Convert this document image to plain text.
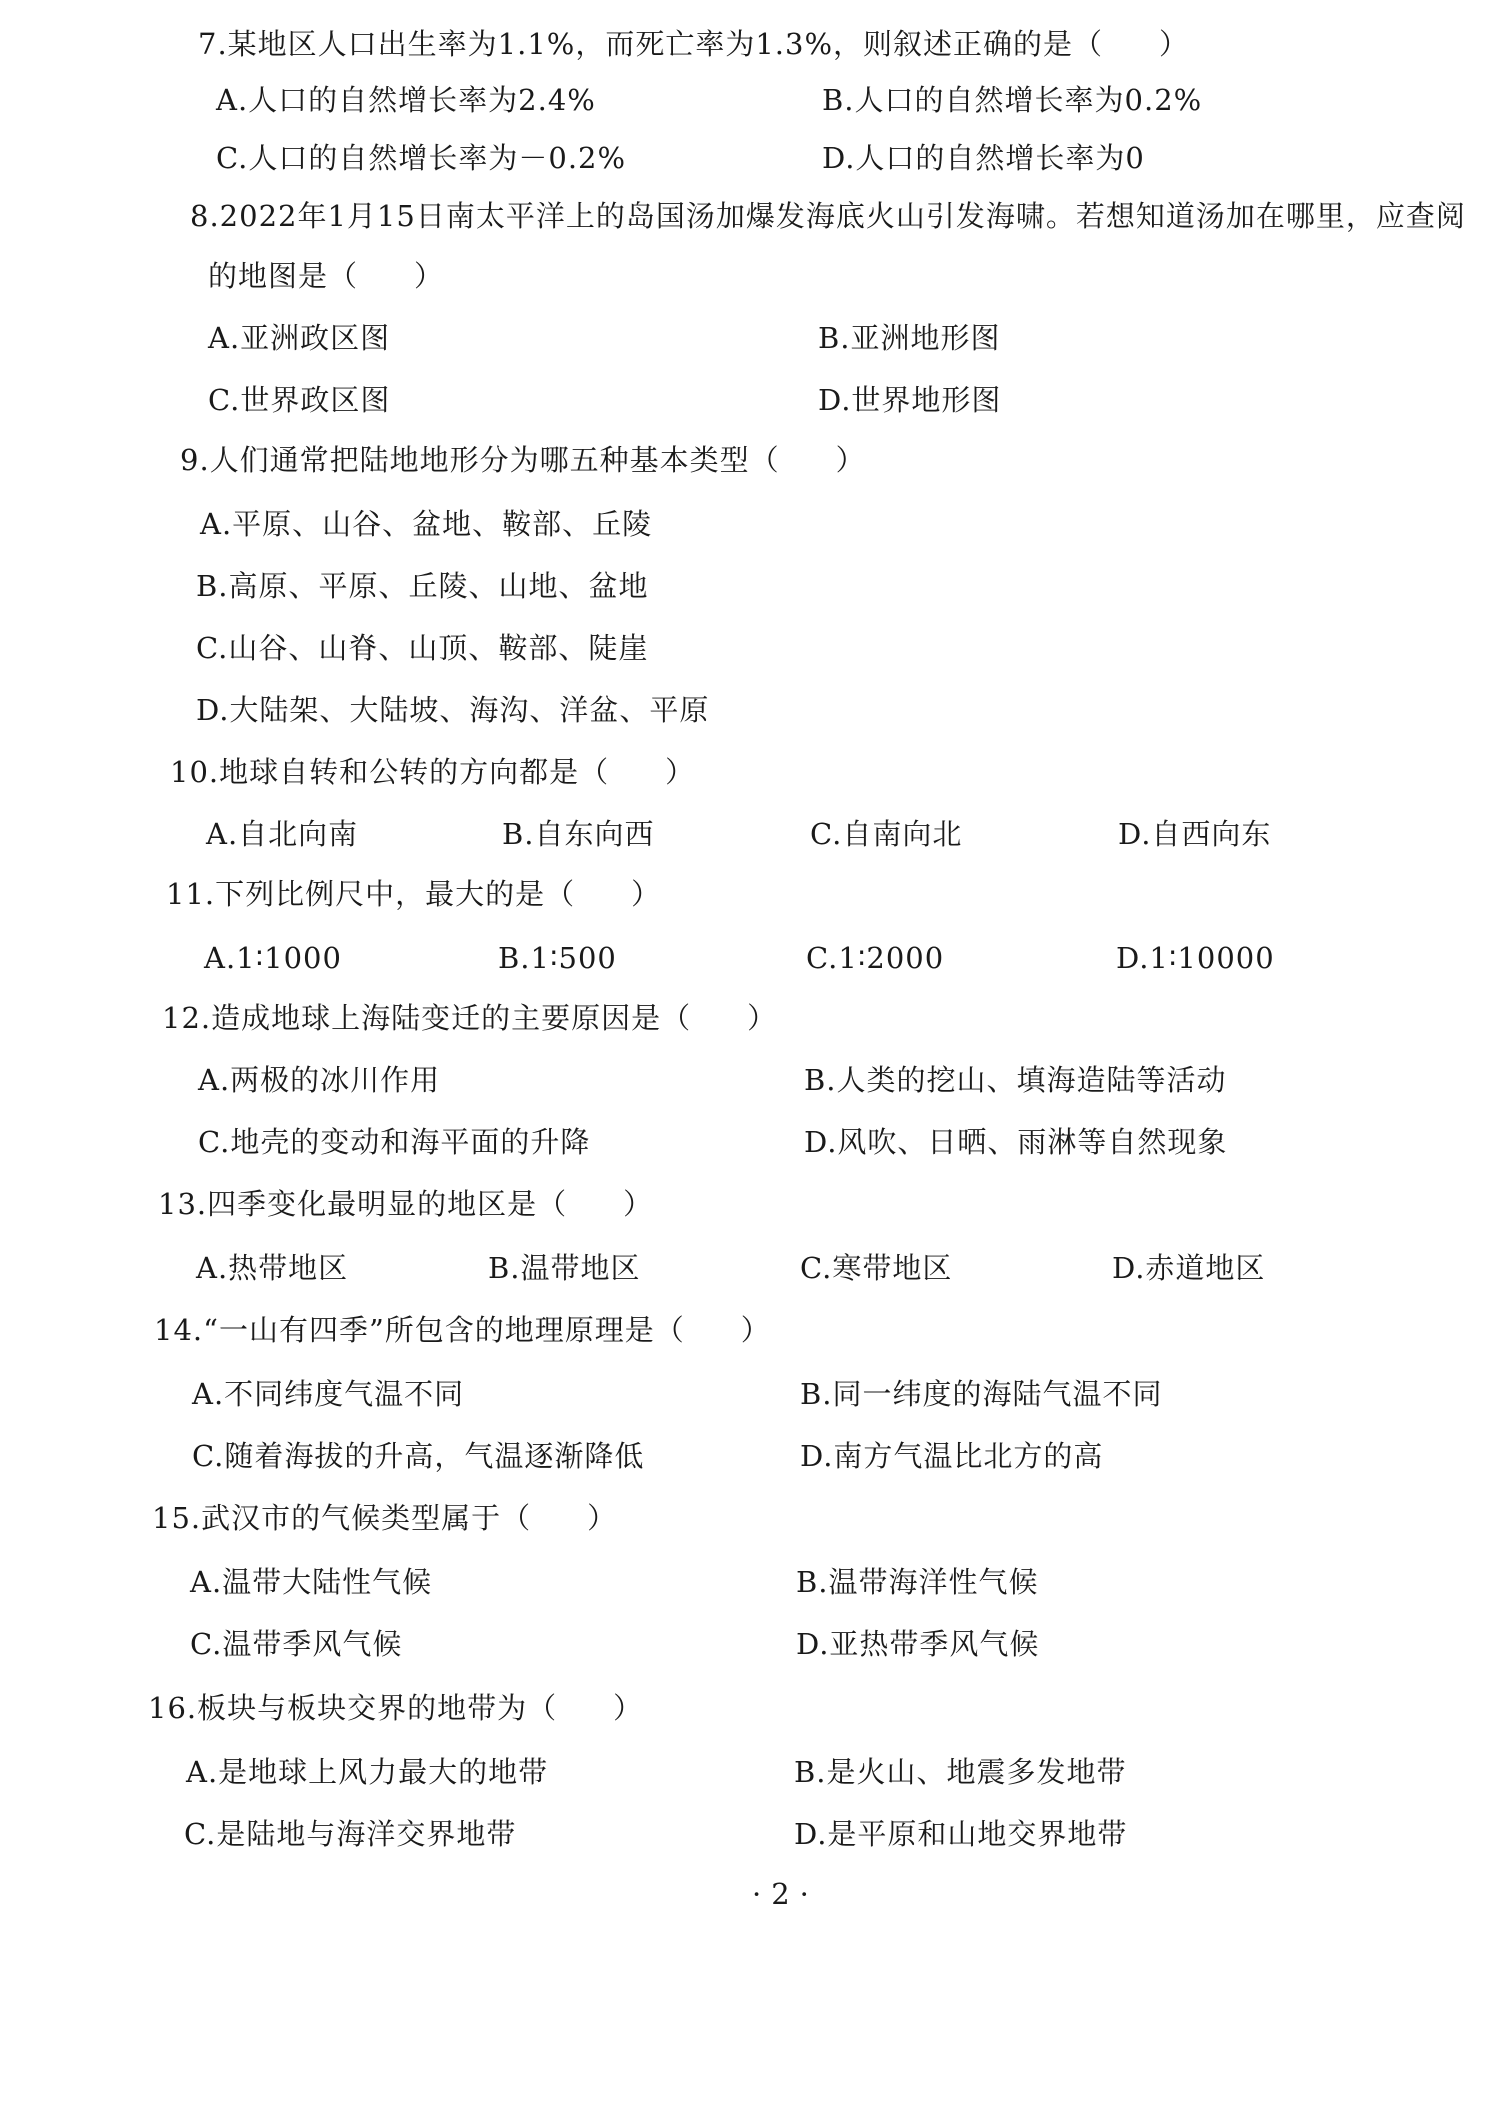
7.某地区人口出生率为1.1%，而死亡率为1.3%，则叙述正确的是（ ）
A.人口的自然增长率为2.4%	B.人口的自然增长率为0.2%
C.人口的自然增长率为－0.2%	D.人口的自然增长率为0
8.2022年1月15日南太平洋上的岛国汤加爆发海底火山引发海啸。若想知道汤加在哪里，应查阅
的地图是（ ）
A.亚洲政区图	B.亚洲地形图
C.世界政区图	D.世界地形图
9.人们通常把陆地地形分为哪五种基本类型（ ）
A.平原、山谷、盆地、鞍部、丘陵
B.高原、平原、丘陵、山地、盆地
C.山谷、山脊、山顶、鞍部、陡崖
D.大陆架、大陆坡、海沟、洋盆、平原
10.地球自转和公转的方向都是（ ）
A.自北向南	B.自东向西	C.自南向北	D.自西向东
11.下列比例尺中，最大的是（ ）
A.1∶1000	B.1∶500	C.1∶2000	D.1∶10000
12.造成地球上海陆变迁的主要原因是（ ）
A.两极的冰川作用	B.人类的挖山、填海造陆等活动
C.地壳的变动和海平面的升降	D.风吹、日晒、雨淋等自然现象
13.四季变化最明显的地区是（ ）
A.热带地区	B.温带地区	C.寒带地区	D.赤道地区
14.“一山有四季”所包含的地理原理是（ ）
A.不同纬度气温不同	B.同一纬度的海陆气温不同
C.随着海拔的升高，气温逐渐降低	D.南方气温比北方的高
15.武汉市的气候类型属于（ ）
A.温带大陆性气候	B.温带海洋性气候
C.温带季风气候	D.亚热带季风气候
16.板块与板块交界的地带为（ ）
A.是地球上风力最大的地带	B.是火山、地震多发地带
C.是陆地与海洋交界地带	D.是平原和山地交界地带
·2·
